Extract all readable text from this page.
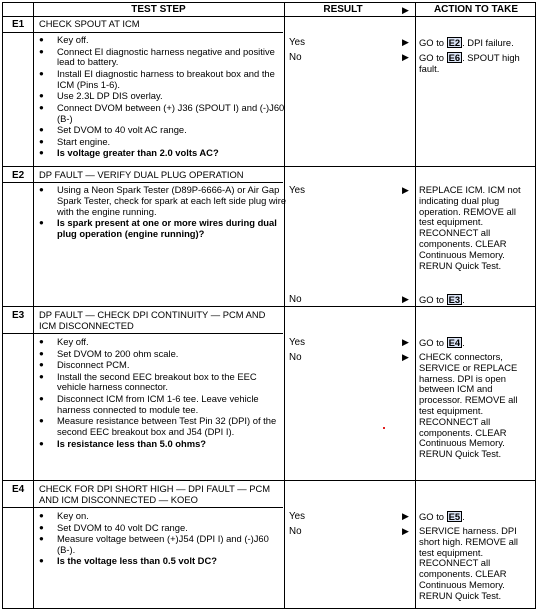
TEST STEP	RESULT	▶	ACTION TO TAKE
E1 CHECK SPOUT AT ICM
● Key off.
● Connect EI diagnostic harness negative and positive lead to battery.
● Install EI diagnostic harness to breakout box and the ICM (Pins 1-6).
● Use 2.3L DP DIS overlay.
● Connect DVOM between (+) J36 (SPOUT I) and (-)J60 (B-)
● Set DVOM to 40 volt AC range.
● Start engine.
● Is voltage greater than 2.0 volts AC?
Yes	▶ GO to E2 . DPI failure.
No	▶ GO to E6 . SPOUT high fault.
E2 DP FAULT — VERIFY DUAL PLUG OPERATION
● Using a Neon Spark Tester (D89P-6666-A) or Air Gap Spark Tester, check for spark at each left side plug wire with the engine running.
● Is spark present at one or more wires during dual plug operation (engine running)?
Yes	▶ REPLACE ICM. ICM not indicating dual plug operation. REMOVE all test equipment. RECONNECT all components. CLEAR Continuous Memory. RERUN Quick Test.
No	▶ GO to E3 .
E3 DP FAULT — CHECK DPI CONTINUITY — PCM AND ICM DISCONNECTED
● Key off.
● Set DVOM to 200 ohm scale.
● Disconnect PCM.
● Install the second EEC breakout box to the EEC vehicle harness connector.
● Disconnect ICM from ICM 1-6 tee. Leave vehicle harness connected to module tee.
● Measure resistance between Test Pin 32 (DPI) of the second EEC breakout box and J54 (DPI I).
● Is resistance less than 5.0 ohms?
Yes	▶ GO to E4 .
No	▶ CHECK connectors, SERVICE or REPLACE harness. DPI is open between ICM and processor. REMOVE all test equipment. RECONNECT all components. CLEAR Continuous Memory. RERUN Quick Test.
E4 CHECK FOR DPI SHORT HIGH — DPI FAULT — PCM AND ICM DISCONNECTED — KOEO
● Key on.
● Set DVOM to 40 volt DC range.
● Measure voltage between (+)J54 (DPI I) and (-)J60 (B-).
● Is the voltage less than 0.5 volt DC?
Yes	▶ GO to E5 .
No	▶ SERVICE harness. DPI short high. REMOVE all test equipment. RECONNECT all components. CLEAR Continuous Memory. RERUN Quick Test.
